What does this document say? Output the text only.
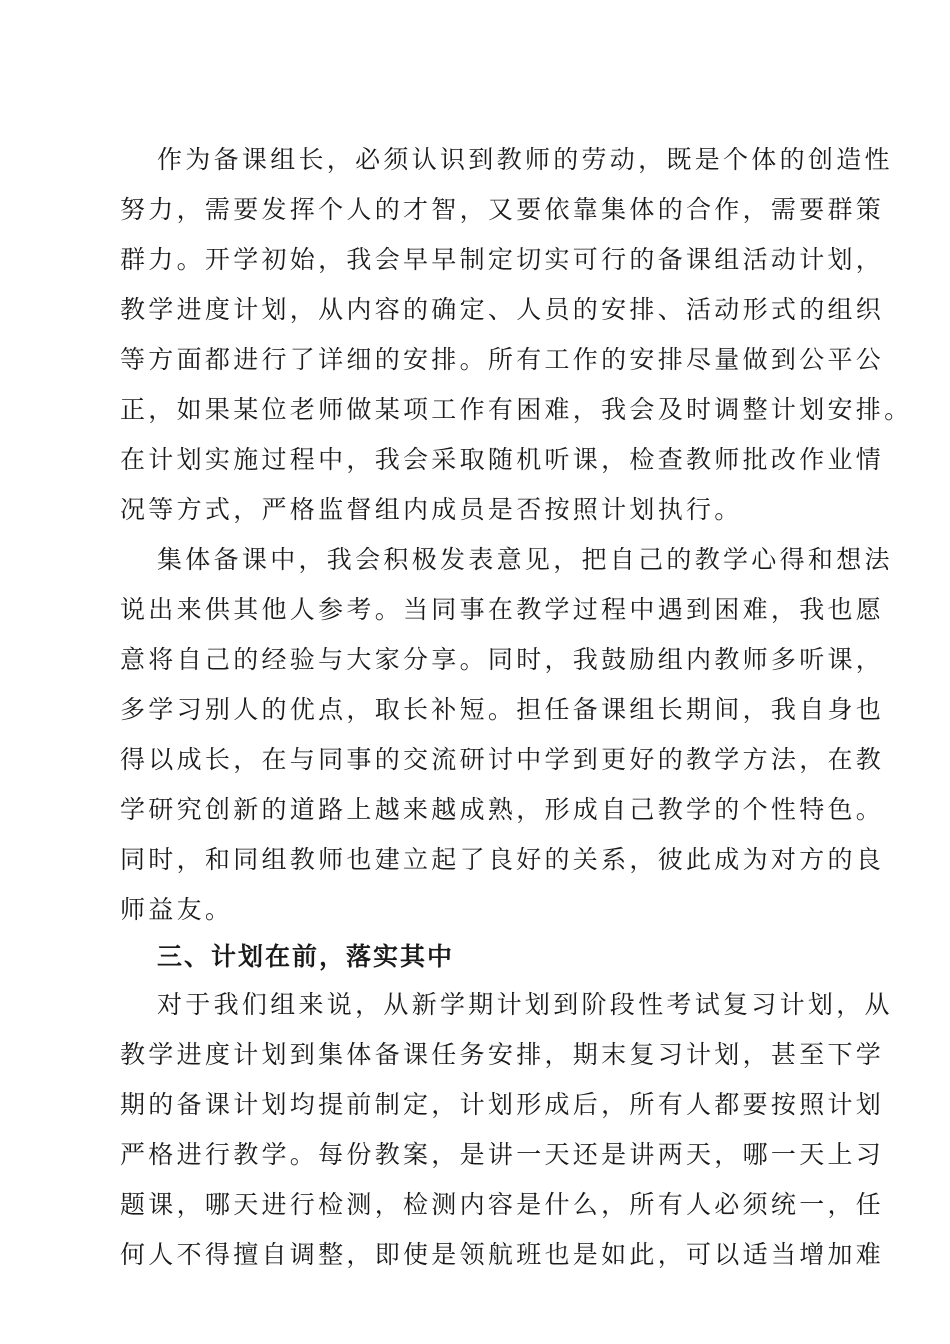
作为备课组长，必须认识到教师的劳动，既是个体的创造性
努力，需要发挥个人的才智，又要依靠集体的合作，需要群策
群力。开学初始，我会早早制定切实可行的备课组活动计划，
教学进度计划，从内容的确定、人员的安排、活动形式的组织
等方面都进行了详细的安排。所有工作的安排尽量做到公平公
正，如果某位老师做某项工作有困难，我会及时调整计划安排。
在计划实施过程中，我会采取随机听课，检查教师批改作业情
况等方式，严格监督组内成员是否按照计划执行。
集体备课中，我会积极发表意见，把自己的教学心得和想法
说出来供其他人参考。当同事在教学过程中遇到困难，我也愿
意将自己的经验与大家分享。同时，我鼓励组内教师多听课，
多学习别人的优点，取长补短。担任备课组长期间，我自身也
得以成长，在与同事的交流研讨中学到更好的教学方法，在教
学研究创新的道路上越来越成熟，形成自己教学的个性特色。
同时，和同组教师也建立起了良好的关系，彼此成为对方的良
师益友。
三、计划在前，落实其中
对于我们组来说，从新学期计划到阶段性考试复习计划，从
教学进度计划到集体备课任务安排，期末复习计划，甚至下学
期的备课计划均提前制定，计划形成后，所有人都要按照计划
严格进行教学。每份教案，是讲一天还是讲两天，哪一天上习
题课，哪天进行检测，检测内容是什么，所有人必须统一，任
何人不得擅自调整，即使是领航班也是如此，可以适当增加难
